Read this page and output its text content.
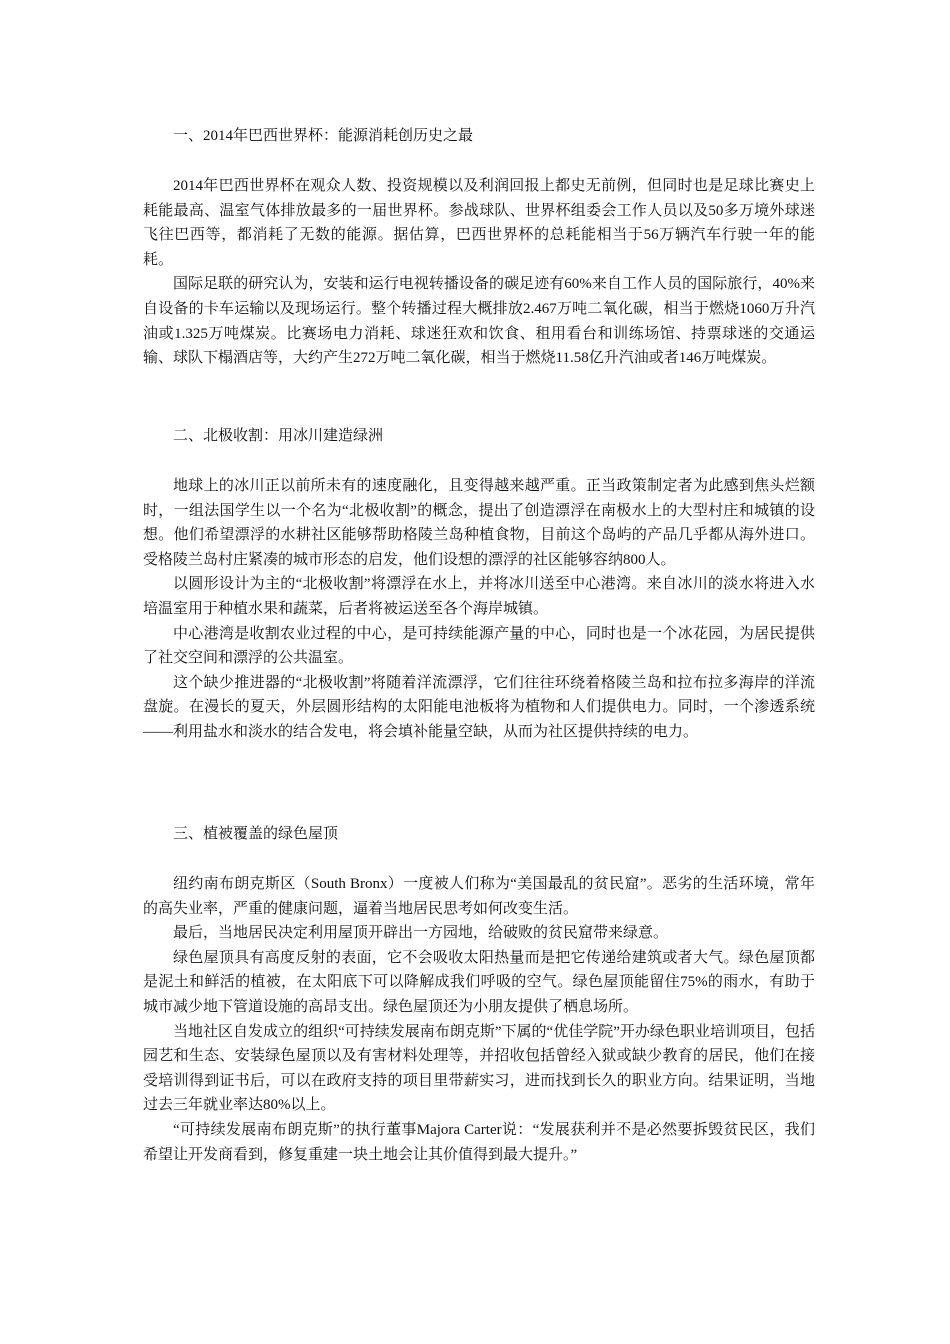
一、2014年巴西世界杯：能源消耗创历史之最

2014年巴西世界杯在观众人数、投资规模以及利润回报上都史无前例，但同时也是足球比赛史上耗能最高、温室气体排放最多的一届世界杯。参战球队、世界杯组委会工作人员以及50多万境外球迷飞往巴西等，都消耗了无数的能源。据估算，巴西世界杯的总耗能相当于56万辆汽车行驶一年的能耗。

国际足联的研究认为，安装和运行电视转播设备的碳足迹有60%来自工作人员的国际旅行，40%来自设备的卡车运输以及现场运行。整个转播过程大概排放2.467万吨二氧化碳，相当于燃烧1060万升汽油或1.325万吨煤炭。比赛场电力消耗、球迷狂欢和饮食、租用看台和训练场馆、持票球迷的交通运输、球队下榻酒店等，大约产生272万吨二氧化碳，相当于燃烧11.58亿升汽油或者146万吨煤炭。

二、北极收割：用冰川建造绿洲

地球上的冰川正以前所未有的速度融化，且变得越来越严重。正当政策制定者为此感到焦头烂额时，一组法国学生以一个名为“北极收割”的概念，提出了创造漂浮在南极水上的大型村庄和城镇的设想。他们希望漂浮的水耕社区能够帮助格陵兰岛种植食物，目前这个岛屿的产品几乎都从海外进口。受格陵兰岛村庄紧凑的城市形态的启发，他们设想的漂浮的社区能够容纳800人。

以圆形设计为主的“北极收割”将漂浮在水上，并将冰川送至中心港湾。来自冰川的淡水将进入水培温室用于种植水果和蔬菜，后者将被运送至各个海岸城镇。

中心港湾是收割农业过程的中心，是可持续能源产量的中心，同时也是一个冰花园，为居民提供了社交空间和漂浮的公共温室。

这个缺少推进器的“北极收割”将随着洋流漂浮，它们往往环绕着格陵兰岛和拉布拉多海岸的洋流盘旋。在漫长的夏天，外层圆形结构的太阳能电池板将为植物和人们提供电力。同时，一个渗透系统——利用盐水和淡水的结合发电，将会填补能量空缺，从而为社区提供持续的电力。

三、植被覆盖的绿色屋顶

纽约南布朗克斯区（South Bronx）一度被人们称为“美国最乱的贫民窟”。恶劣的生活环境，常年的高失业率，严重的健康问题，逼着当地居民思考如何改变生活。

最后，当地居民决定利用屋顶开辟出一方园地，给破败的贫民窟带来绿意。

绿色屋顶具有高度反射的表面，它不会吸收太阳热量而是把它传递给建筑或者大气。绿色屋顶都是泥土和鲜活的植被，在太阳底下可以降解成我们呼吸的空气。绿色屋顶能留住75%的雨水，有助于城市减少地下管道设施的高昂支出。绿色屋顶还为小朋友提供了栖息场所。

当地社区自发成立的组织“可持续发展南布朗克斯”下属的“优佳学院”开办绿色职业培训项目，包括园艺和生态、安装绿色屋顶以及有害材料处理等，并招收包括曾经入狱或缺少教育的居民，他们在接受培训得到证书后，可以在政府支持的项目里带薪实习，进而找到长久的职业方向。结果证明，当地过去三年就业率达80%以上。

“可持续发展南布朗克斯”的执行董事Majora Carter说：“发展获利并不是必然要拆毁贫民区，我们希望让开发商看到，修复重建一块土地会让其价值得到最大提升。”
